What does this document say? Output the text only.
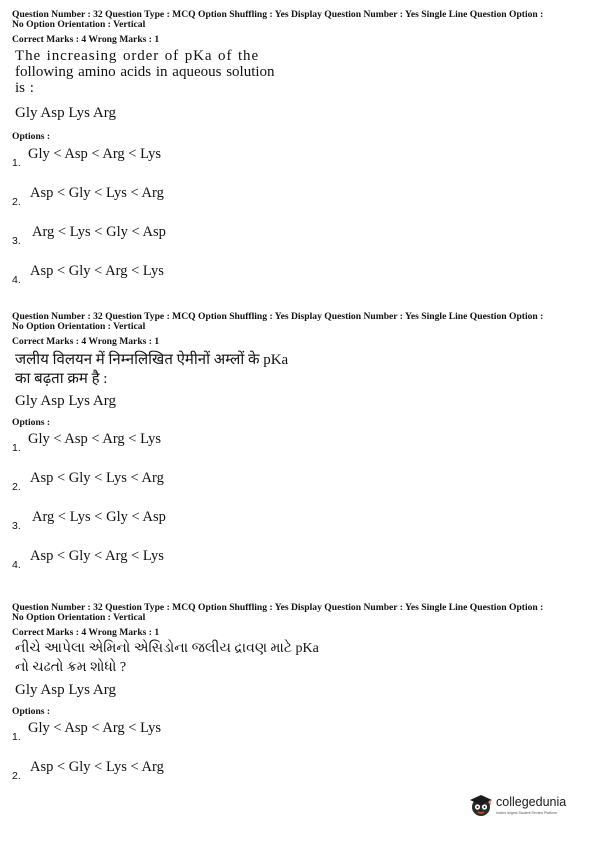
Question Number : 32 Question Type : MCQ Option Shuffling : Yes Display Question Number : Yes Single Line Question Option :
No Option Orientation : Vertical

Correct Marks : 4 Wrong Marks : 1

The increasing order of pKa of the
following amino acids in aqueous solution
is :
Gly Asp Lys Arg
Options :
1.
Gly < Asp < Arg < Lys
2.
Asp < Gly < Lys < Arg
3.
Arg < Lys < Gly < Asp
4.
Asp < Gly < Arg < Lys

Question Number : 32 Question Type : MCQ Option Shuffling : Yes Display Question Number : Yes Single Line Question Option :
No Option Orientation : Vertical

Correct Marks : 4 Wrong Marks : 1

जलीय विलयन में निम्नलिखित ऐमीनों अम्लों के pKa
का बढ़ता क्रम है :
Gly Asp Lys Arg
Options :
1.
Gly < Asp < Arg < Lys
2.
Asp < Gly < Lys < Arg
3.
Arg < Lys < Gly < Asp
4.
Asp < Gly < Arg < Lys

Question Number : 32 Question Type : MCQ Option Shuffling : Yes Display Question Number : Yes Single Line Question Option :
No Option Orientation : Vertical

Correct Marks : 4 Wrong Marks : 1

નીચે આપેલા એમિનો એસિડોના જલીય દ્રાવણ માટે pKa
નો ચઢતો ક્રમ શોધો ?
Gly Asp Lys Arg
Options :
1.
Gly < Asp < Arg < Lys
2.
Asp < Gly < Lys < Arg
collegedunia
India's largest Student Review Platform
